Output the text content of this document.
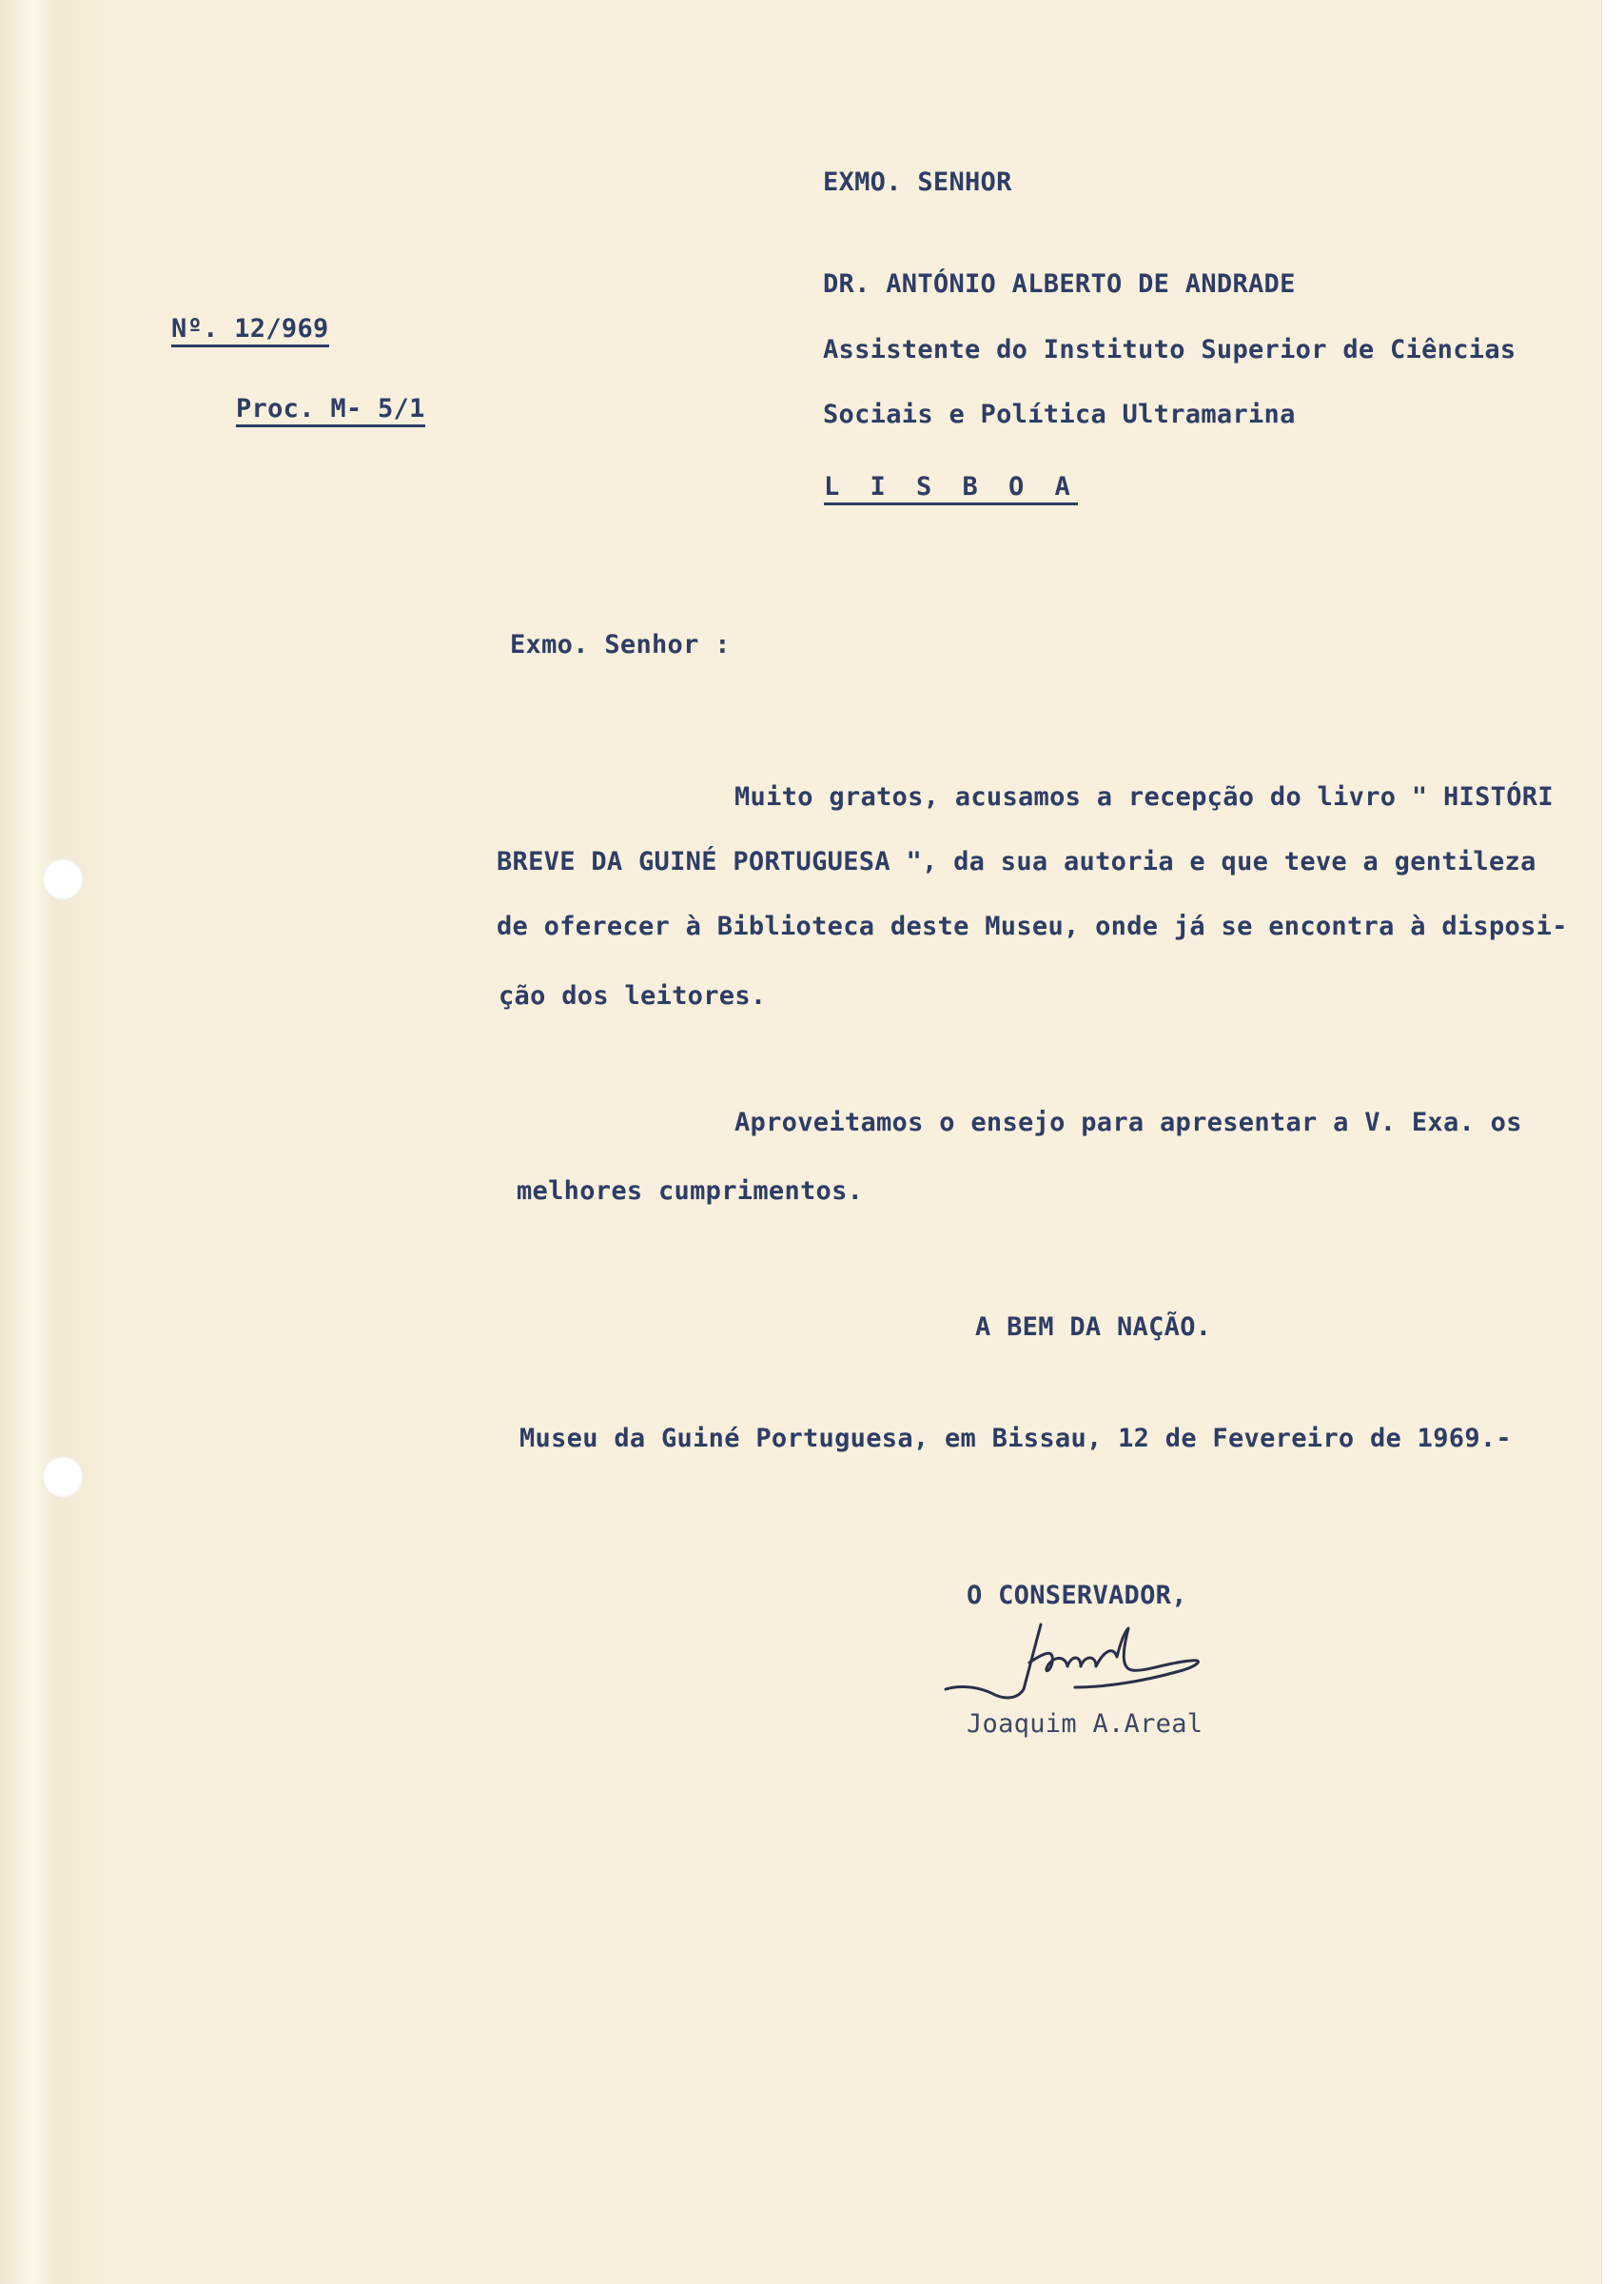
EXMO. SENHOR
DR. ANTÓNIO ALBERTO DE ANDRADE
Nº. 12/969
Assistente do Instituto Superior de Ciências
Proc. M- 5/1	Sociais e Política Ultramarina
L I S B O A
Exmo. Senhor :
Muito gratos, acusamos a recepção do livro " HISTÓRI
BREVE DA GUINÉ PORTUGUESA ", da sua autoria e que teve a gentileza
de oferecer à Biblioteca deste Museu, onde já se encontra à disposi-
ção dos leitores.
Aproveitamos o ensejo para apresentar a V. Exa. os
melhores cumprimentos.
A BEM DA NAÇÃO.
Museu da Guiné Portuguesa, em Bissau, 12 de Fevereiro de 1969.-
O CONSERVADOR,
Joaquim A.Areal
